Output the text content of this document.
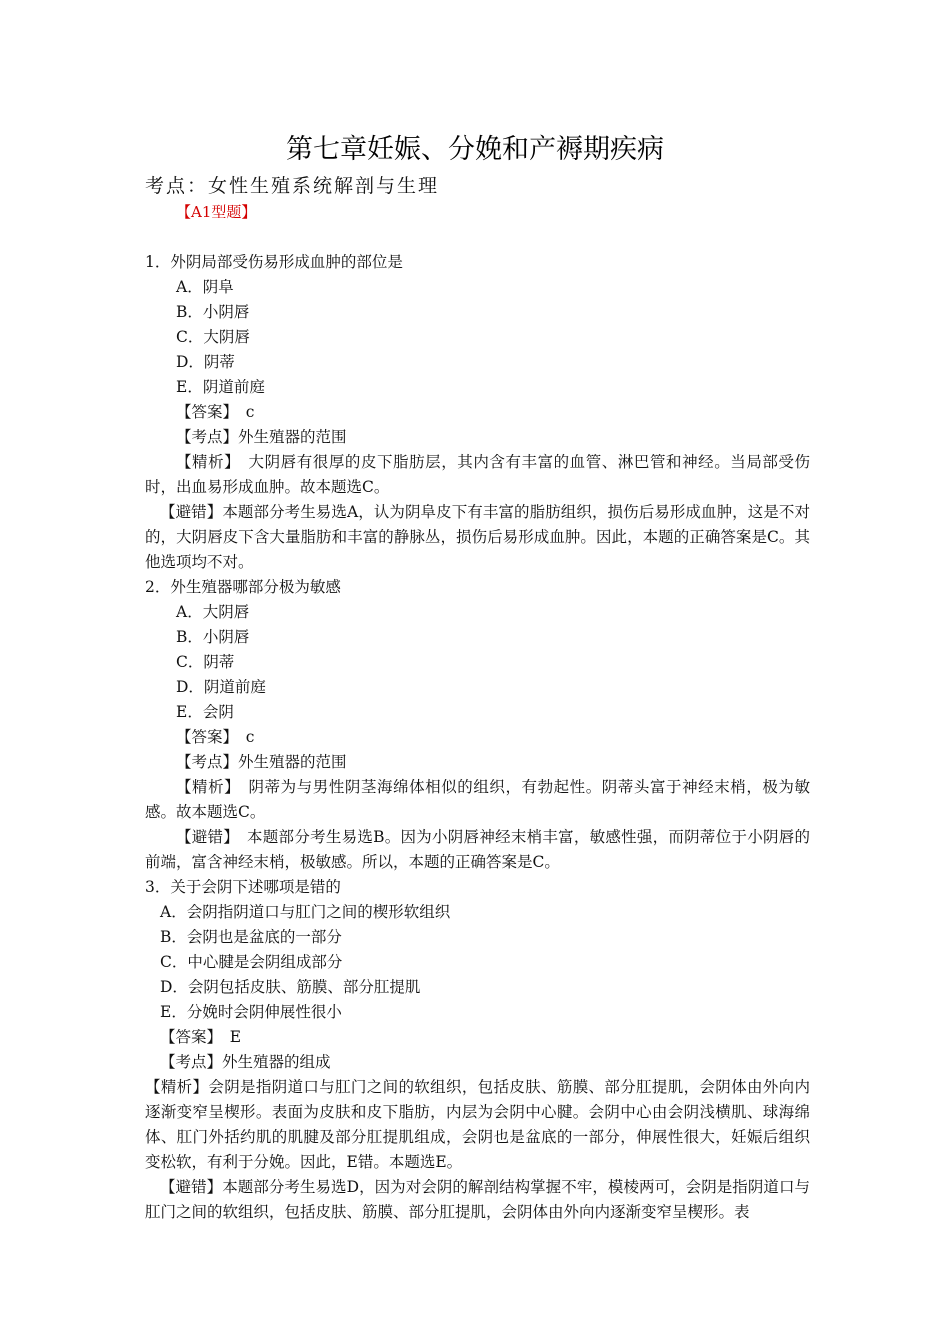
第七章妊娠、分娩和产褥期疾病
考点：女性生殖系统解剖与生理
【A1型题】
1．外阴局部受伤易形成血肿的部位是
A．阴阜
B．小阴唇
C．大阴唇
D．阴蒂
E．阴道前庭
【答案】　c
【考点】外生殖器的范围
【精析】　大阴唇有很厚的皮下脂肪层，其内含有丰富的血管、淋巴管和神经。当局部受伤时，出血易形成血肿。故本题选C。
【避错】本题部分考生易选A，认为阴阜皮下有丰富的脂肪组织，损伤后易形成血肿，这是不对的，大阴唇皮下含大量脂肪和丰富的静脉丛，损伤后易形成血肿。因此，本题的正确答案是C。其他选项均不对。
2．外生殖器哪部分极为敏感
A．大阴唇
B．小阴唇
C．阴蒂
D．阴道前庭
E．会阴
【答案】　c
【考点】外生殖器的范围
【精析】　阴蒂为与男性阴茎海绵体相似的组织，有勃起性。阴蒂头富于神经末梢，极为敏感。故本题选C。
【避错】　本题部分考生易选B。因为小阴唇神经末梢丰富，敏感性强，而阴蒂位于小阴唇的前端，富含神经末梢，极敏感。所以，本题的正确答案是C。
3．关于会阴下述哪项是错的
A．会阴指阴道口与肛门之间的楔形软组织
B．会阴也是盆底的一部分
C．中心腱是会阴组成部分
D．会阴包括皮肤、筋膜、部分肛提肌
E．分娩时会阴伸展性很小
【答案】　E
【考点】外生殖器的组成
【精析】会阴是指阴道口与肛门之间的软组织，包括皮肤、筋膜、部分肛提肌，会阴体由外向内逐渐变窄呈楔形。表面为皮肤和皮下脂肪，内层为会阴中心腱。会阴中心由会阴浅横肌、球海绵体、肛门外括约肌的肌腱及部分肛提肌组成，会阴也是盆底的一部分，伸展性很大，妊娠后组织变松软，有利于分娩。因此，E错。本题选E。
【避错】本题部分考生易选D，因为对会阴的解剖结构掌握不牢，模棱两可，会阴是指阴道口与肛门之间的软组织，包括皮肤、筋膜、部分肛提肌，会阴体由外向内逐渐变窄呈楔形。表
